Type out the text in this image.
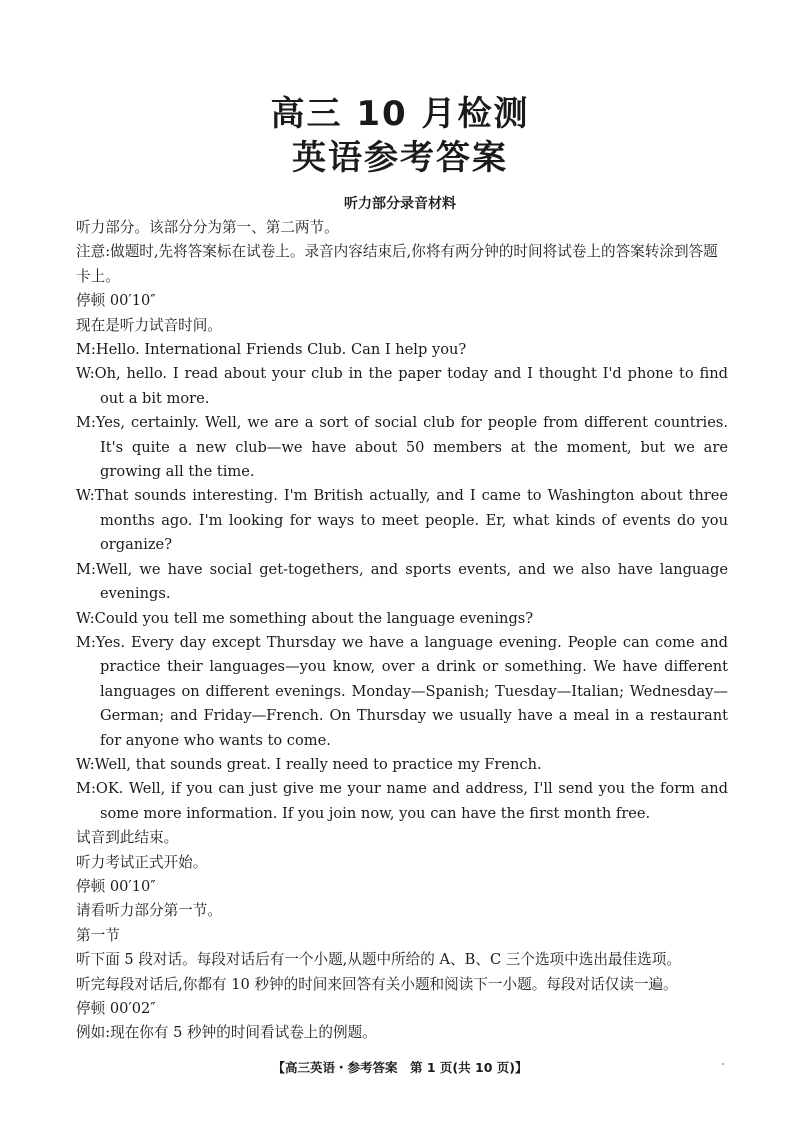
高三 10 月检测
英语参考答案
听力部分录音材料

听力部分。该部分分为第一、第二两节。

注意:做题时,先将答案标在试卷上。录音内容结束后,你将有两分钟的时间将试卷上的答案转涂到答题卡上。

停顿 00′10″

现在是听力试音时间。

M:Hello. International Friends Club. Can I help you?

W:Oh, hello. I read about your club in the paper today and I thought I'd phone to find out a bit more.

M:Yes, certainly. Well, we are a sort of social club for people from different countries. It's quite a new club—we have about 50 members at the moment, but we are growing all the time.

W:That sounds interesting. I'm British actually, and I came to Washington about three months ago. I'm looking for ways to meet people. Er, what kinds of events do you organize?

M:Well, we have social get-togethers, and sports events, and we also have language evenings.

W:Could you tell me something about the language evenings?

M:Yes. Every day except Thursday we have a language evening. People can come and practice their languages—you know, over a drink or something. We have different languages on different evenings. Monday—Spanish; Tuesday—Italian; Wednesday—German; and Friday—French. On Thursday we usually have a meal in a restaurant for anyone who wants to come.

W:Well, that sounds great. I really need to practice my French.

M:OK. Well, if you can just give me your name and address, I'll send you the form and some more information. If you join now, you can have the first month free.

试音到此结束。

听力考试正式开始。

停顿 00′10″

请看听力部分第一节。

第一节

听下面 5 段对话。每段对话后有一个小题,从题中所给的 A、B、C 三个选项中选出最佳选项。

听完每段对话后,你都有 10 秒钟的时间来回答有关小题和阅读下一小题。每段对话仅读一遍。

停顿 00′02″

例如:现在你有 5 秒钟的时间看试卷上的例题。

【高三英语・参考答案　第 1 页(共 10 页)】
